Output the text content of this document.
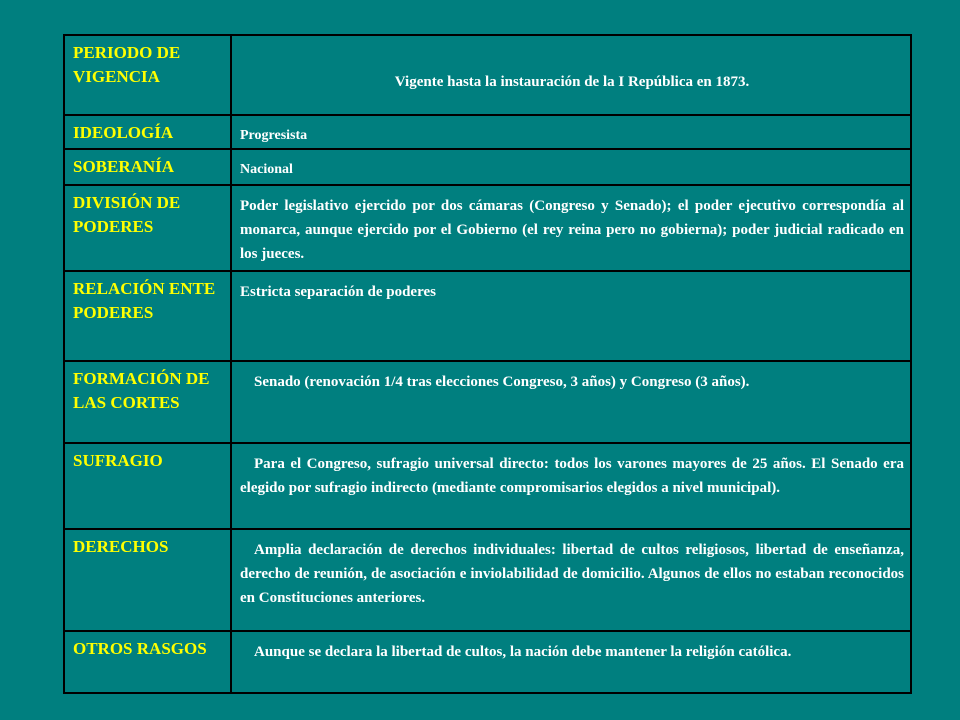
PERIODO DE VIGENCIA	Vigente hasta la instauración de la I República en 1873.
IDEOLOGÍA	Progresista
SOBERANÍA	Nacional
DIVISIÓN DE PODERES	Poder legislativo ejercido por dos cámaras (Congreso y Senado); el poder ejecutivo correspondía al monarca, aunque ejercido por el Gobierno (el rey reina pero no gobierna); poder judicial radicado en los jueces.
RELACIÓN ENTE PODERES	Estricta separación de poderes
FORMACIÓN DE LAS CORTES	Senado (renovación 1/4 tras elecciones Congreso, 3 años) y Congreso (3 años).
SUFRAGIO	Para el Congreso, sufragio universal directo: todos los varones mayores de 25 años. El Senado era elegido por sufragio indirecto (mediante compromisarios elegidos a nivel municipal).
DERECHOS	Amplia declaración de derechos individuales: libertad de cultos religiosos, libertad de enseñanza, derecho de reunión, de asociación e inviolabilidad de domicilio. Algunos de ellos no estaban reconocidos en Constituciones anteriores.
OTROS RASGOS	Aunque se declara la libertad de cultos, la nación debe mantener la religión católica.
